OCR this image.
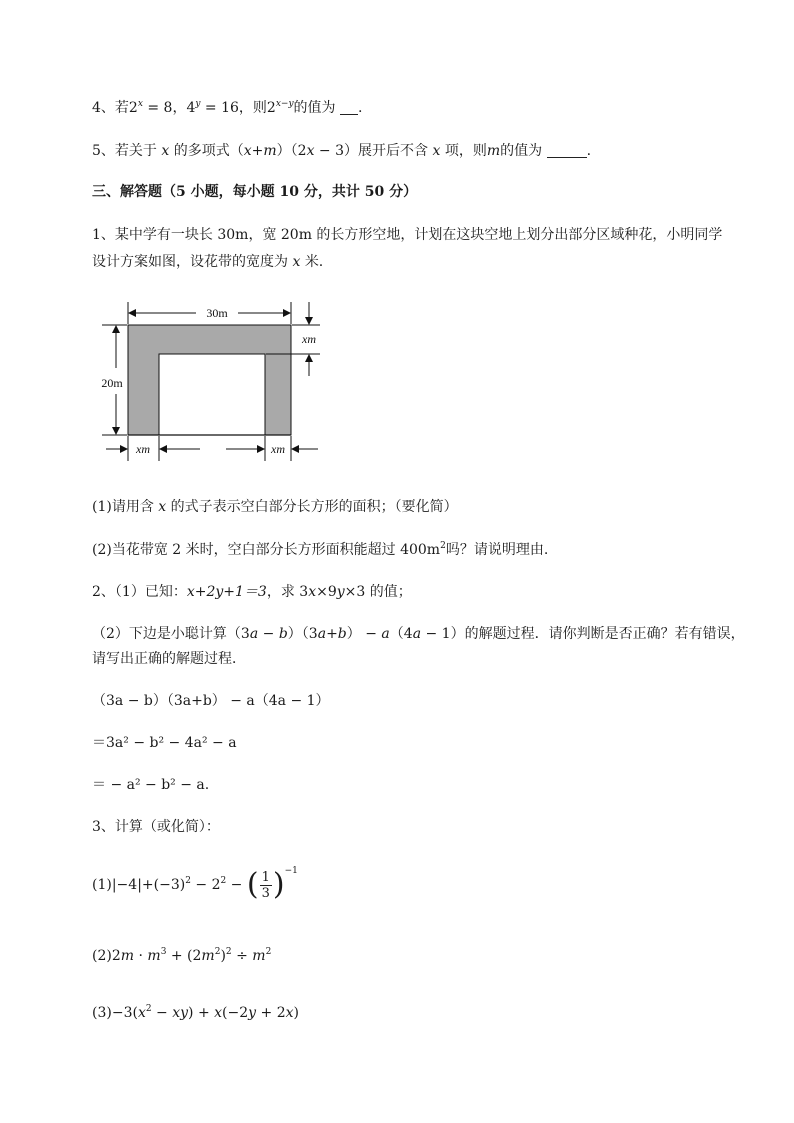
4、若$2^x = 8$，$4^y = 16$，则$2^{x-y}$的值为 .
5、若关于 x 的多项式（x+m）（2x − 3）展开后不含 x 项，则m的值为	.
三、解答题（5 小题，每小题 10 分，共计 50 分）
1、某中学有一块长 30m，宽 20m 的长方形空地，计划在这块空地上划分出部分区域种花，小明同学
设计方案如图，设花带的宽度为 x 米.
30m
xm
20m
xm	xm
(1)请用含 x 的式子表示空白部分长方形的面积；（要化简）
(2)当花带宽 2 米时，空白部分长方形面积能超过 $400m^2$吗？请说明理由.
2、（1）已知：x+2y+1＝3，求 3x×9y×3 的值；
（2）下边是小聪计算（3a − b）（3a+b） − a（4a − 1）的解题过程．请你判断是否正确？若有错误，
请写出正确的解题过程．
（3a − b）（3a+b） − a（4a − 1）
＝3a² − b² − 4a² − a
＝ − a² − b² − a.
3、计算（或化简）：
$(1)|-4|+(-3)^2 - 2^2$ − ( $\frac{1}{3} )^{-1}$
$(2)2m \cdot m^3 + (2m^2)^2 \div m^2$
$(3)-3(x^2 - xy) + x(-2y + 2x)$
